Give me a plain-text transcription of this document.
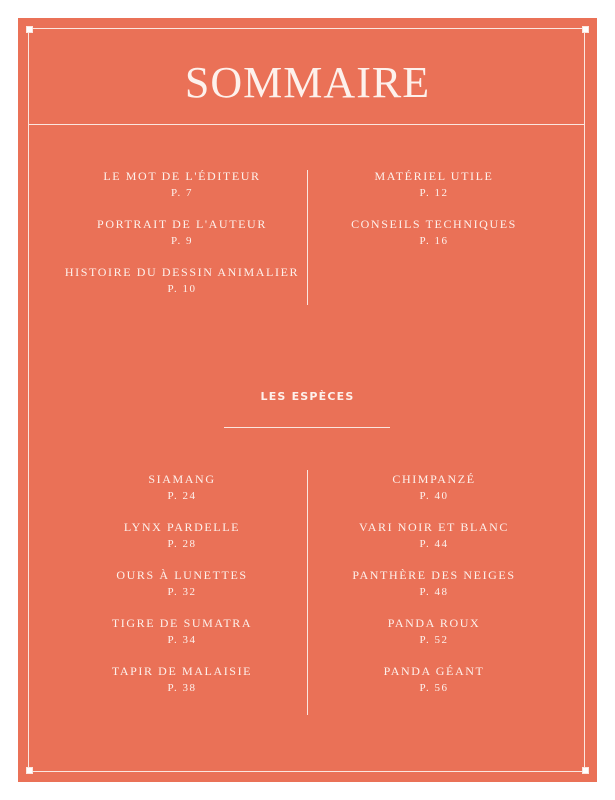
SOMMAIRE
LE MOT DE L'ÉDITEUR
P. 7
PORTRAIT DE L'AUTEUR
P. 9
HISTOIRE DU DESSIN ANIMALIER
P. 10
MATÉRIEL UTILE
P. 12
CONSEILS TECHNIQUES
P. 16
LES ESPÈCES
SIAMANG
P. 24
LYNX PARDELLE
P. 28
OURS À LUNETTES
P. 32
TIGRE DE SUMATRA
P. 34
TAPIR DE MALAISIE
P. 38
CHIMPANZÉ
P. 40
VARI NOIR ET BLANC
P. 44
PANTHÈRE DES NEIGES
P. 48
PANDA ROUX
P. 52
PANDA GÉANT
P. 56
